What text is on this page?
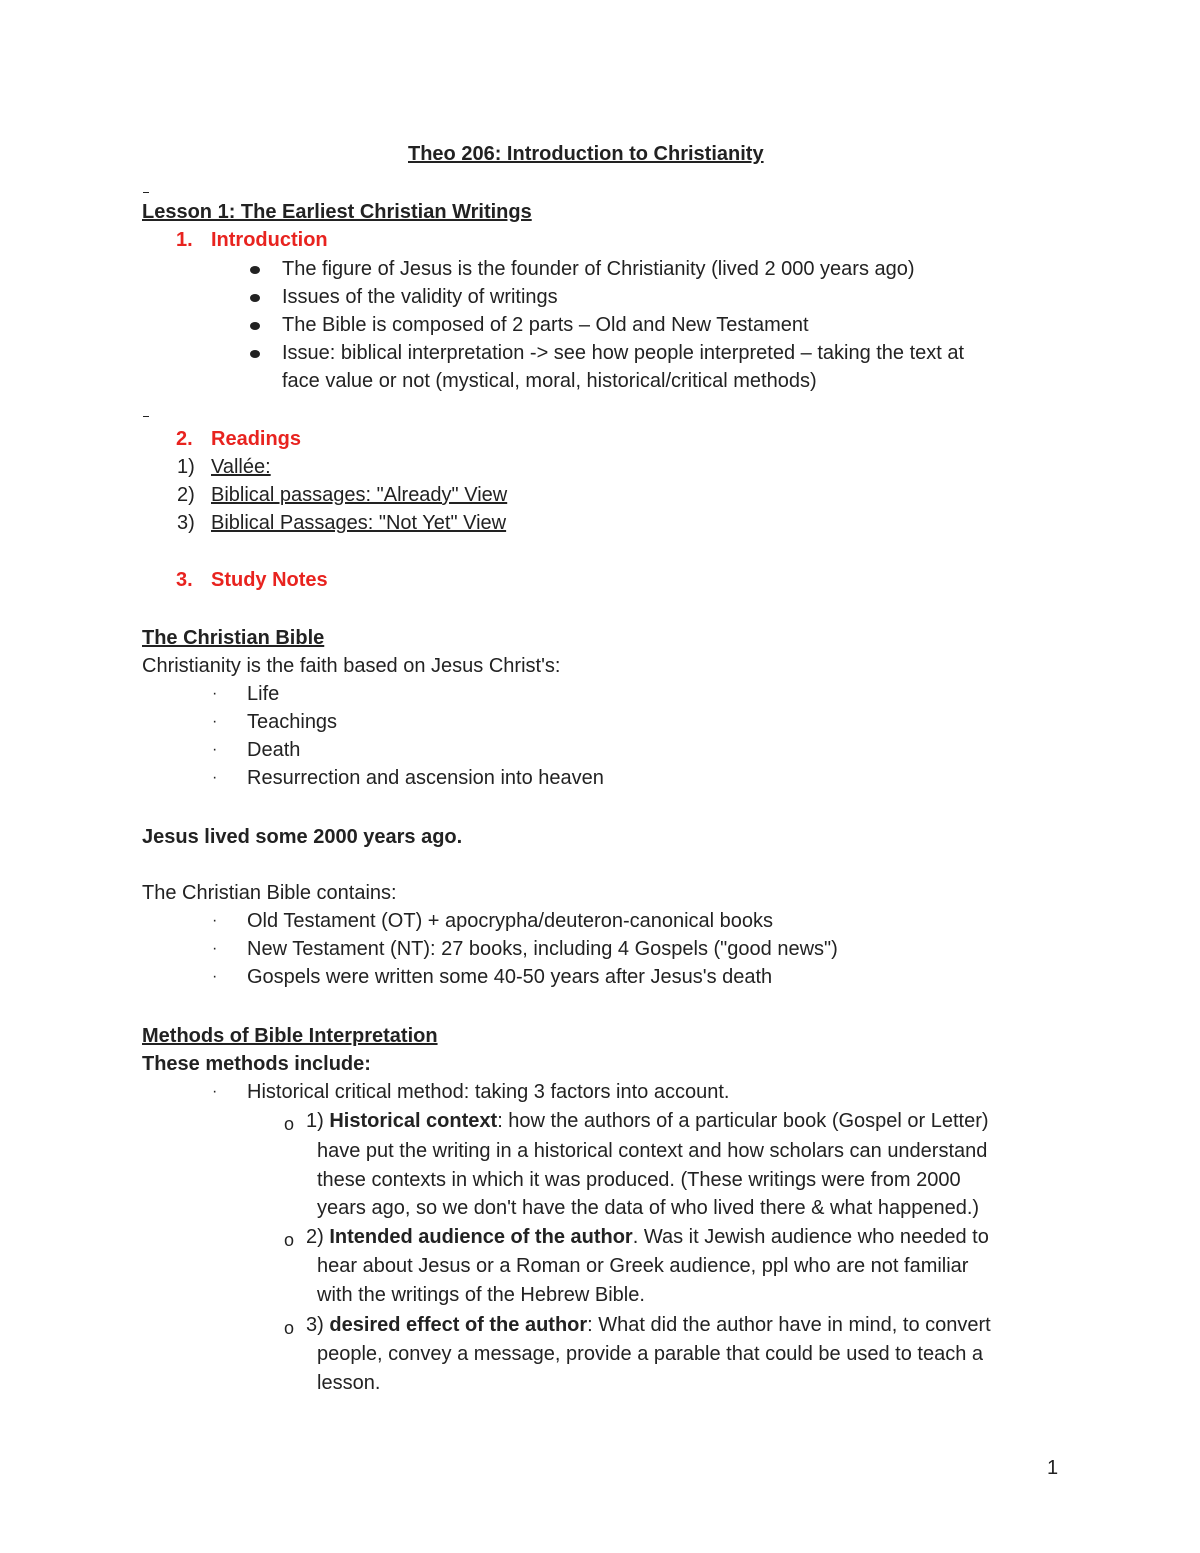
Theo 206: Introduction to Christianity
Lesson 1: The Earliest Christian Writings
1. Introduction
The figure of Jesus is the founder of Christianity (lived 2 000 years ago)
Issues of the validity of writings
The Bible is composed of 2 parts – Old and New Testament
Issue: biblical interpretation -> see how people interpreted – taking the text at
face value or not (mystical, moral, historical/critical methods)
2. Readings
1) Vallée:
2) Biblical passages: "Already" View
3) Biblical Passages: "Not Yet" View
3. Study Notes
The Christian Bible
Christianity is the faith based on Jesus Christ's:
· Life
· Teachings
· Death
· Resurrection and ascension into heaven
Jesus lived some 2000 years ago.
The Christian Bible contains:
· Old Testament (OT) + apocrypha/deuteron-canonical books
· New Testament (NT): 27 books, including 4 Gospels ("good news")
· Gospels were written some 40-50 years after Jesus's death
Methods of Bible Interpretation
These methods include:
· Historical critical method: taking 3 factors into account.
o 1) Historical context: how the authors of a particular book (Gospel or Letter)
have put the writing in a historical context and how scholars can understand
these contexts in which it was produced. (These writings were from 2000
years ago, so we don't have the data of who lived there & what happened.)
o 2) Intended audience of the author. Was it Jewish audience who needed to
hear about Jesus or a Roman or Greek audience, ppl who are not familiar
with the writings of the Hebrew Bible.
o 3) desired effect of the author: What did the author have in mind, to convert
people, convey a message, provide a parable that could be used to teach a
lesson.
1
